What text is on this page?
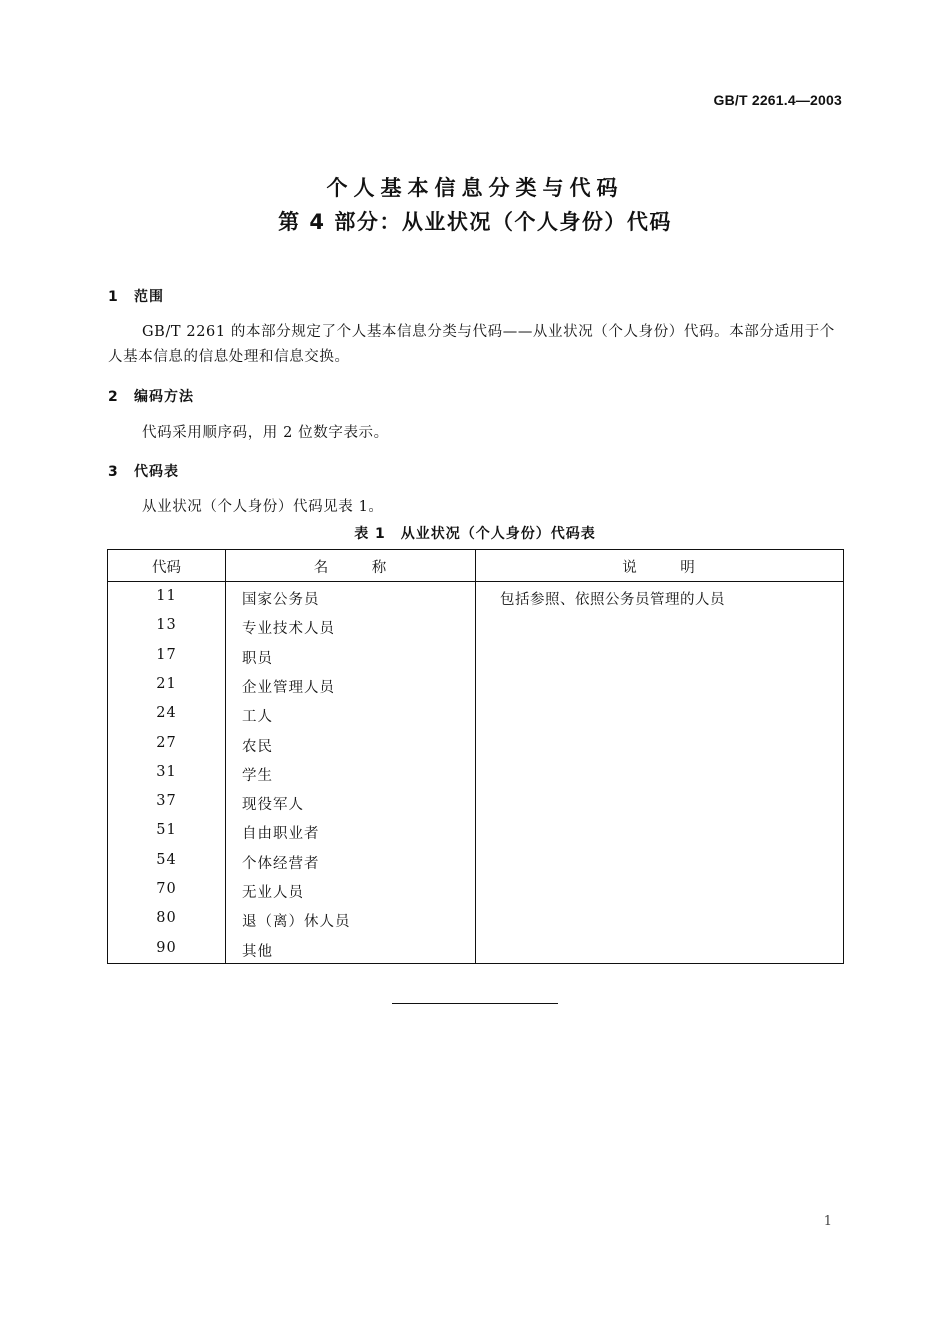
GB/T 2261.4—2003
个人基本信息分类与代码
第 4 部分：从业状况（个人身份）代码
1 范围
GB/T 2261 的本部分规定了个人基本信息分类与代码——从业状况（个人身份）代码。本部分适用于个人基本信息的信息处理和信息交换。
2 编码方法
代码采用顺序码，用 2 位数字表示。
3 代码表
从业状况（个人身份）代码见表 1。
表 1　从业状况（个人身份）代码表
代码	名　　　称	说　　　明
11	国家公务员	包括参照、依照公务员管理的人员
13	专业技术人员
17	职员
21	企业管理人员
24	工人
27	农民
31	学生
37	现役军人
51	自由职业者
54	个体经营者
70	无业人员
80	退（离）休人员
90	其他
1
